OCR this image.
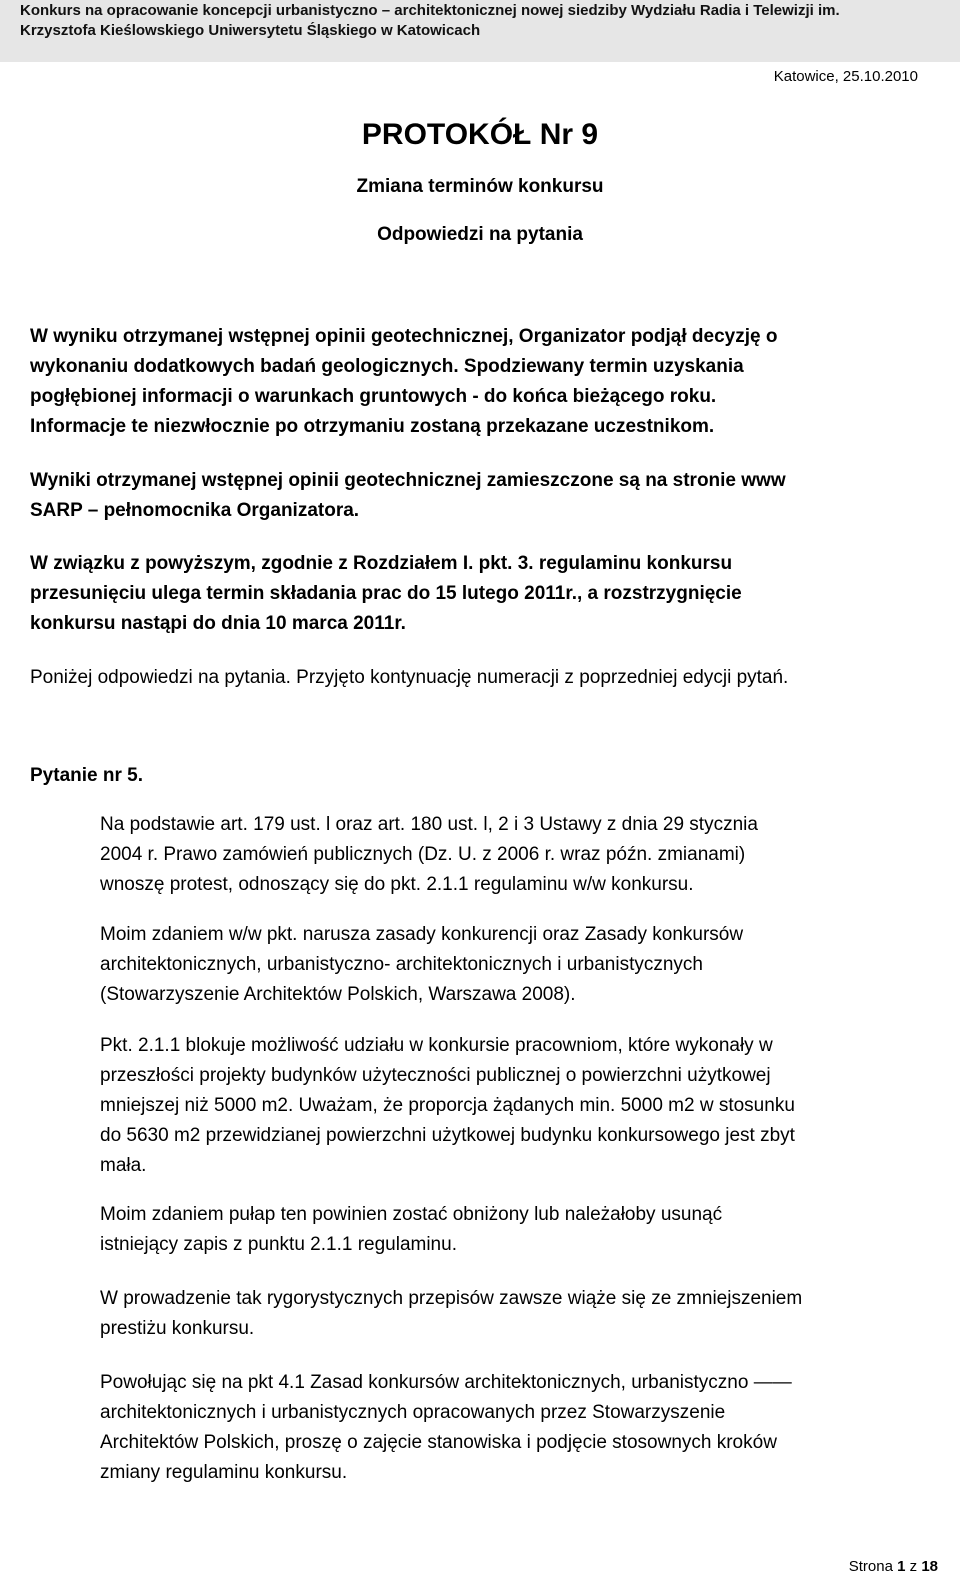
Konkurs na opracowanie koncepcji urbanistyczno – architektonicznej nowej siedziby Wydziału Radia i Telewizji im.
Krzysztofa Kieślowskiego Uniwersytetu Śląskiego w Katowicach
Katowice, 25.10.2010
PROTOKÓŁ Nr 9
Zmiana terminów konkursu
Odpowiedzi na pytania
W wyniku otrzymanej wstępnej opinii geotechnicznej, Organizator podjął decyzję o
wykonaniu dodatkowych badań geologicznych. Spodziewany termin uzyskania
pogłębionej informacji o warunkach gruntowych - do końca bieżącego roku.
Informacje te niezwłocznie po otrzymaniu zostaną przekazane uczestnikom.
Wyniki otrzymanej wstępnej opinii geotechnicznej zamieszczone są na stronie www
SARP – pełnomocnika Organizatora.
W związku z powyższym, zgodnie z Rozdziałem I. pkt. 3. regulaminu konkursu
przesunięciu ulega termin składania prac do 15 lutego 2011r., a rozstrzygnięcie
konkursu nastąpi do dnia 10 marca 2011r.
Poniżej odpowiedzi na pytania. Przyjęto kontynuację numeracji z poprzedniej edycji pytań.
Pytanie nr 5.
Na podstawie art. 179 ust. l oraz art. 180 ust. l, 2 i 3 Ustawy z dnia 29 stycznia
2004 r. Prawo zamówień publicznych (Dz. U. z 2006 r. wraz późn. zmianami)
wnoszę protest, odnoszący się do pkt. 2.1.1 regulaminu w/w konkursu.
Moim zdaniem w/w pkt. narusza zasady konkurencji oraz Zasady konkursów
architektonicznych, urbanistyczno- architektonicznych i urbanistycznych
(Stowarzyszenie Architektów Polskich, Warszawa 2008).
Pkt. 2.1.1 blokuje możliwość udziału w konkursie pracowniom, które wykonały w
przeszłości projekty budynków użyteczności publicznej o powierzchni użytkowej
mniejszej niż 5000 m2. Uważam, że proporcja żądanych min. 5000 m2 w stosunku
do 5630 m2 przewidzianej powierzchni użytkowej budynku konkursowego jest zbyt
mała.
Moim zdaniem pułap ten powinien zostać obniżony lub należałoby usunąć
istniejący zapis z punktu 2.1.1 regulaminu.
W prowadzenie tak rygorystycznych przepisów zawsze wiąże się ze zmniejszeniem
prestiżu konkursu.
Powołując się na pkt 4.1 Zasad konkursów architektonicznych, urbanistyczno ——
architektonicznych i urbanistycznych opracowanych przez Stowarzyszenie
Architektów Polskich, proszę o zajęcie stanowiska i podjęcie stosownych kroków
zmiany regulaminu konkursu.
Strona 1 z 18
